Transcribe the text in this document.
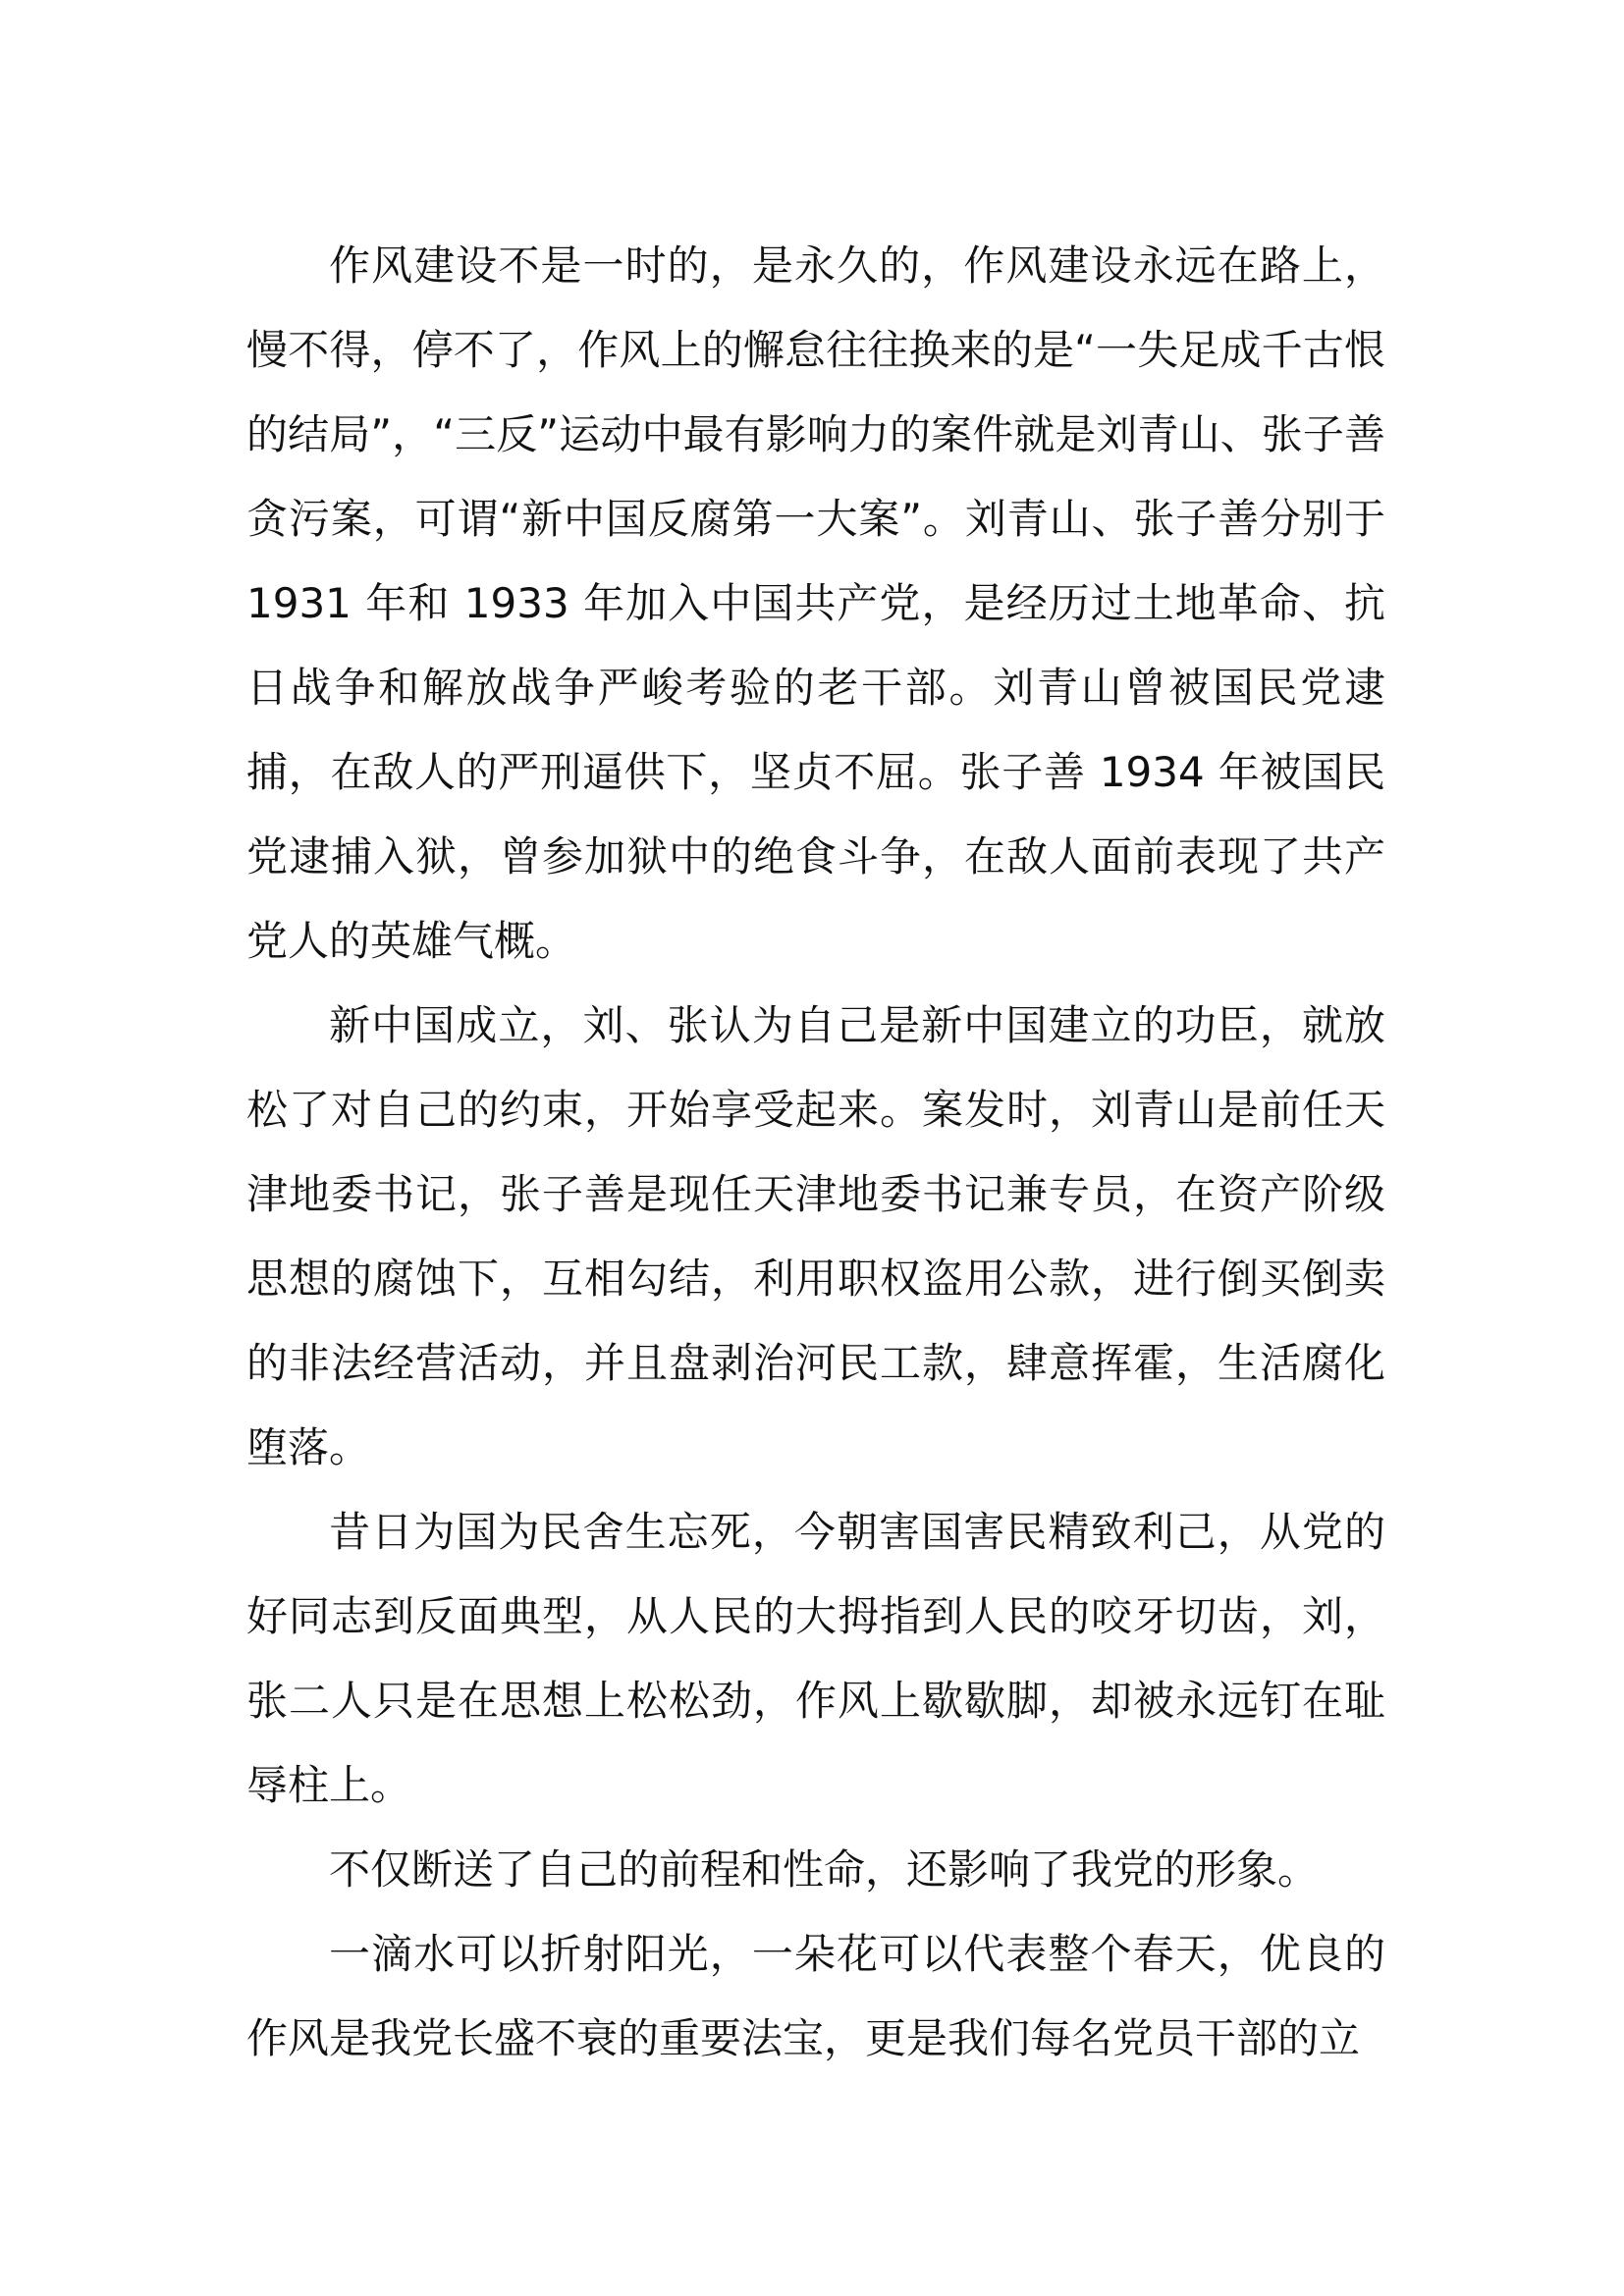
作风建设不是一时的，是永久的，作风建设永远在路上，慢不得，停不了，作风上的懈怠往往换来的是“一失足成千古恨的结局”，“三反”运动中最有影响力的案件就是刘青山、张子善贪污案，可谓“新中国反腐第一大案”。刘青山、张子善分别于 1931 年和 1933 年加入中国共产党，是经历过土地革命、抗日战争和解放战争严峻考验的老干部。刘青山曾被国民党逮捕，在敌人的严刑逼供下，坚贞不屈。张子善 1934 年被国民党逮捕入狱，曾参加狱中的绝食斗争，在敌人面前表现了共产党人的英雄气概。

新中国成立，刘、张认为自己是新中国建立的功臣，就放松了对自己的约束，开始享受起来。案发时，刘青山是前任天津地委书记，张子善是现任天津地委书记兼专员，在资产阶级思想的腐蚀下，互相勾结，利用职权盗用公款，进行倒买倒卖的非法经营活动，并且盘剥治河民工款，肆意挥霍，生活腐化堕落。

昔日为国为民舍生忘死，今朝害国害民精致利己，从党的好同志到反面典型，从人民的大拇指到人民的咬牙切齿，刘，张二人只是在思想上松松劲，作风上歇歇脚，却被永远钉在耻辱柱上。

不仅断送了自己的前程和性命，还影响了我党的形象。

一滴水可以折射阳光，一朵花可以代表整个春天，优良的作风是我党长盛不衰的重要法宝，更是我们每名党员干部的立
